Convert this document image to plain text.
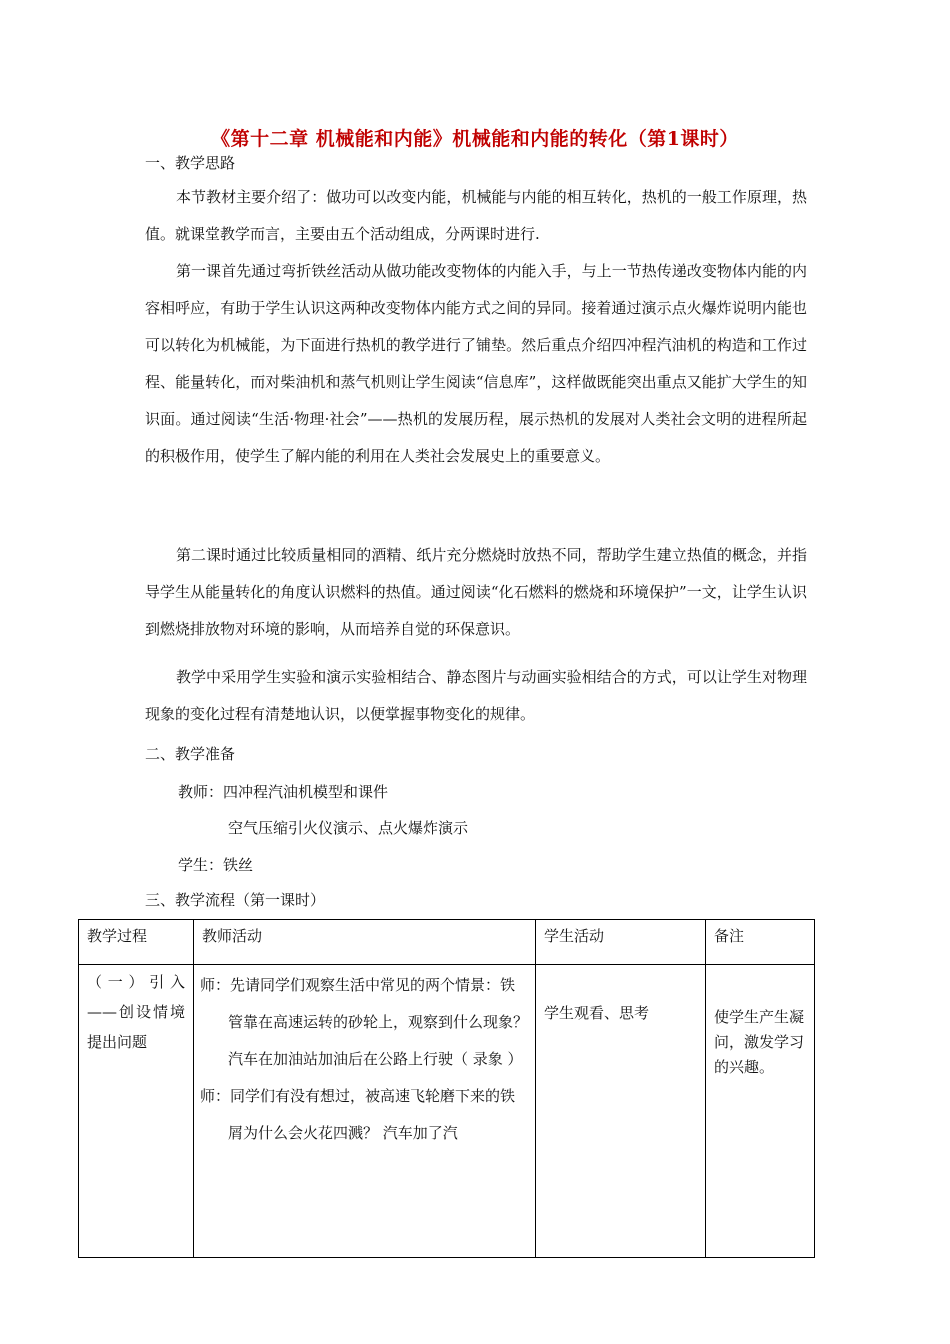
《第十二章 机械能和内能》机械能和内能的转化（第1课时）
一、教学思路

本节教材主要介绍了：做功可以改变内能，机械能与内能的相互转化，热机的一般工作原理，热值。就课堂教学而言，主要由五个活动组成，分两课时进行.

第一课首先通过弯折铁丝活动从做功能改变物体的内能入手，与上一节热传递改变物体内能的内容相呼应，有助于学生认识这两种改变物体内能方式之间的异同。接着通过演示点火爆炸说明内能也可以转化为机械能，为下面进行热机的教学进行了铺垫。然后重点介绍四冲程汽油机的构造和工作过程、能量转化，而对柴油机和蒸气机则让学生阅读“信息库”，这样做既能突出重点又能扩大学生的知识面。通过阅读“生活·物理·社会”——热机的发展历程，展示热机的发展对人类社会文明的进程所起的积极作用，使学生了解内能的利用在人类社会发展史上的重要意义。

第二课时通过比较质量相同的酒精、纸片充分燃烧时放热不同，帮助学生建立热值的概念，并指导学生从能量转化的角度认识燃料的热值。通过阅读“化石燃料的燃烧和环境保护”一文，让学生认识到燃烧排放物对环境的影响，从而培养自觉的环保意识。

教学中采用学生实验和演示实验相结合、静态图片与动画实验相结合的方式，可以让学生对物理现象的变化过程有清楚地认识，以便掌握事物变化的规律。

二、教学准备
教师：四冲程汽油机模型和课件
空气压缩引火仪演示、点火爆炸演示
学生：铁丝
三、教学流程（第一课时）
教学过程	教师活动	学生活动	备注
（一）引入——创设情境 提出问题	师：先请同学们观察生活中常见的两个情景：铁管靠在高速运转的砂轮上，观察到什么现象？汽车在加油站加油后在公路上行驶（ 录象 ）

师：同学们有没有想过，被高速飞轮磨下来的铁屑为什么会火花四溅？ 汽车加了汽	学生观看、思考	使学生产生凝问，激发学习的兴趣。
